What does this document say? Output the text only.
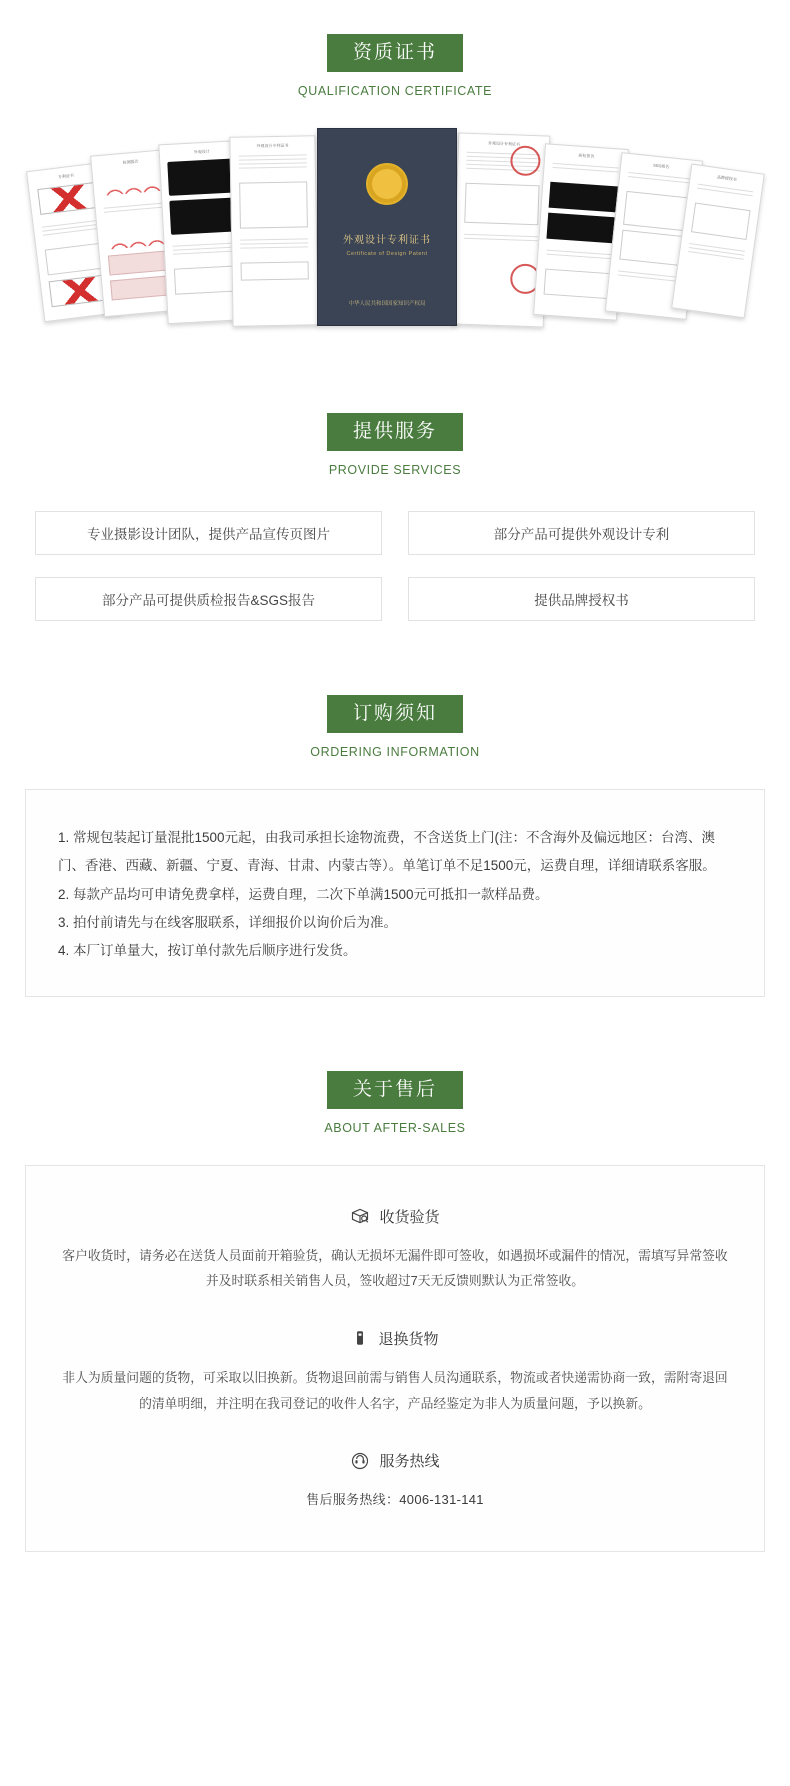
资质证书
QUALIFICATION CERTIFICATE
专利证书
检测报告
外观设计
外观设计专利证书
外观设计专利证书
Certificate of Design Patent
中华人民共和国国家知识产权局
外观设计专利证书
质检报告
SGS报告
品牌授权书
提供服务
PROVIDE SERVICES
专业摄影设计团队，提供产品宣传页图片	部分产品可提供外观设计专利
部分产品可提供质检报告&SGS报告	提供品牌授权书
订购须知
ORDERING INFORMATION

1. 常规包装起订量混批1500元起，由我司承担长途物流费，不含送货上门(注：不含海外及偏远地区：台湾、澳门、香港、西藏、新疆、宁夏、青海、甘肃、内蒙古等）。单笔订单不足1500元，运费自理，详细请联系客服。

2. 每款产品均可申请免费拿样，运费自理，二次下单满1500元可抵扣一款样品费。

3. 拍付前请先与在线客服联系，详细报价以询价后为准。

4. 本厂订单量大，按订单付款先后顺序进行发货。

关于售后
ABOUT AFTER-SALES
收货验货
客户收货时，请务必在送货人员面前开箱验货，确认无损坏无漏件即可签收，如遇损坏或漏件的情况，需填写异常签收并及时联系相关销售人员，签收超过7天无反馈则默认为正常签收。
退换货物
非人为质量问题的货物，可采取以旧换新。货物退回前需与销售人员沟通联系，物流或者快递需协商一致，需附寄退回的清单明细，并注明在我司登记的收件人名字，产品经鉴定为非人为质量问题，予以换新。
服务热线
售后服务热线：4006-131-141
